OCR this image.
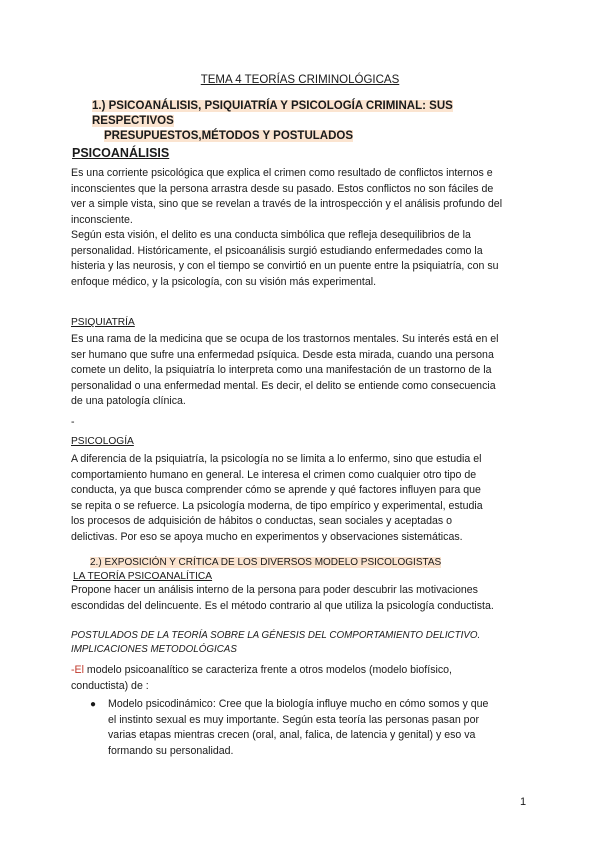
TEMA 4 TEORÍAS CRIMINOLÓGICAS
1.) PSICOANÁLISIS, PSIQUIATRÍA Y PSICOLOGÍA CRIMINAL: SUS RESPECTIVOS
PRESUPUESTOS,MÉTODOS Y POSTULADOS
PSICOANÁLISIS

Es una corriente psicológica que explica el crimen como resultado de conflictos internos e
inconscientes que la persona arrastra desde su pasado. Estos conflictos no son fáciles de
ver a simple vista, sino que se revelan a través de la introspección y el análisis profundo del
inconsciente.

Según esta visión, el delito es una conducta simbólica que refleja desequilibrios de la
personalidad. Históricamente, el psicoanálisis surgió estudiando enfermedades como la
histeria y las neurosis, y con el tiempo se convirtió en un puente entre la psiquiatría, con su
enfoque médico, y la psicología, con su visión más experimental.

PSIQUIATRÍA

Es una rama de la medicina que se ocupa de los trastornos mentales. Su interés está en el
ser humano que sufre una enfermedad psíquica. Desde esta mirada, cuando una persona
comete un delito, la psiquiatría lo interpreta como una manifestación de un trastorno de la
personalidad o una enfermedad mental. Es decir, el delito se entiende como consecuencia
de una patología clínica.

-
PSICOLOGÍA

A diferencia de la psiquiatría, la psicología no se limita a lo enfermo, sino que estudia el
comportamiento humano en general. Le interesa el crimen como cualquier otro tipo de
conducta, ya que busca comprender cómo se aprende y qué factores influyen para que
se repita o se refuerce. La psicología moderna, de tipo empírico y experimental, estudia
los procesos de adquisición de hábitos o conductas, sean sociales y aceptadas o
delictivas. Por eso se apoya mucho en experimentos y observaciones sistemáticas.

2.) EXPOSICIÓN Y CRÍTICA DE LOS DIVERSOS MODELO PSICOLOGISTAS
LA TEORÍA PSICOANALÍTICA

Propone hacer un análisis interno de la persona para poder descubrir las motivaciones
escondidas del delincuente. Es el método contrario al que utiliza la psicología conductista.

POSTULADOS DE LA TEORÍA SOBRE LA GÉNESIS DEL COMPORTAMIENTO DELICTIVO.
IMPLICACIONES METODOLÓGICAS

-El modelo psicoanalítico se caracteriza frente a otros modelos (modelo biofísico,
conductista) de :

● Modelo psicodinámico: Cree que la biología influye mucho en cómo somos y que
el instinto sexual es muy importante. Según esta teoría las personas pasan por
varias etapas mientras crecen (oral, anal, falica, de latencia y genital) y eso va
formando su personalidad.
1
